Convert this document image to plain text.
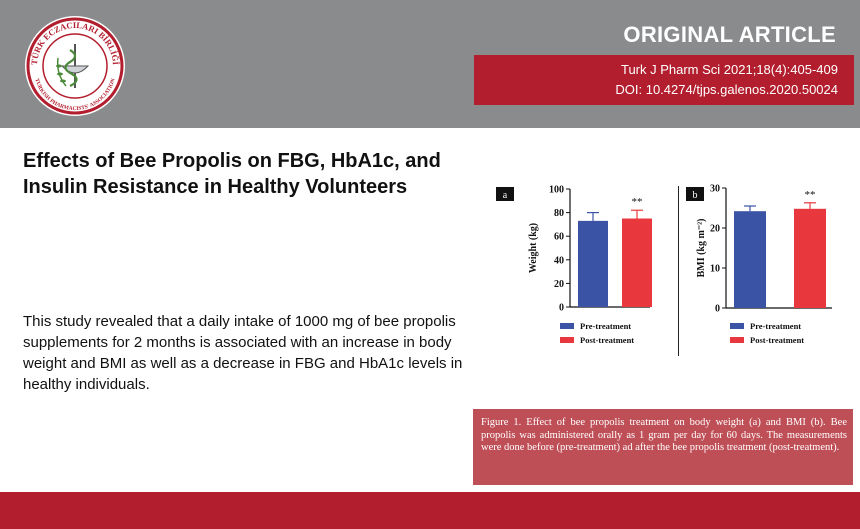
TÜRK ECZACILARI BİRLİĞİ
TURKISH PHARMACISTS' ASSOCIATION
ORIGINAL ARTICLE
Turk J Pharm Sci 2021;18(4):405-409
DOI: 10.4274/tjps.galenos.2020.50024
Effects of Bee Propolis on FBG, HbA1c, and Insulin Resistance in Healthy Volunteers
This study revealed that a daily intake of 1000 mg of bee propolis supplements for 2 months is associated with an increase in body weight and BMI as well as a decrease in FBG and HbA1c levels in healthy individuals.
a
0
20
40
60
80
100
Weight (kg)
**
Pre-treatment
Post-treatment
b
0
10
20
30
BMI (kg m⁻²)
**
Pre-treatment
Post-treatment
Figure 1. Effect of bee propolis treatment on body weight (a) and BMI (b). Bee propolis was administered orally as 1 gram per day for 60 days. The measurements were done before (pre-treatment) ad after the bee propolis treatment (post-treatment).
